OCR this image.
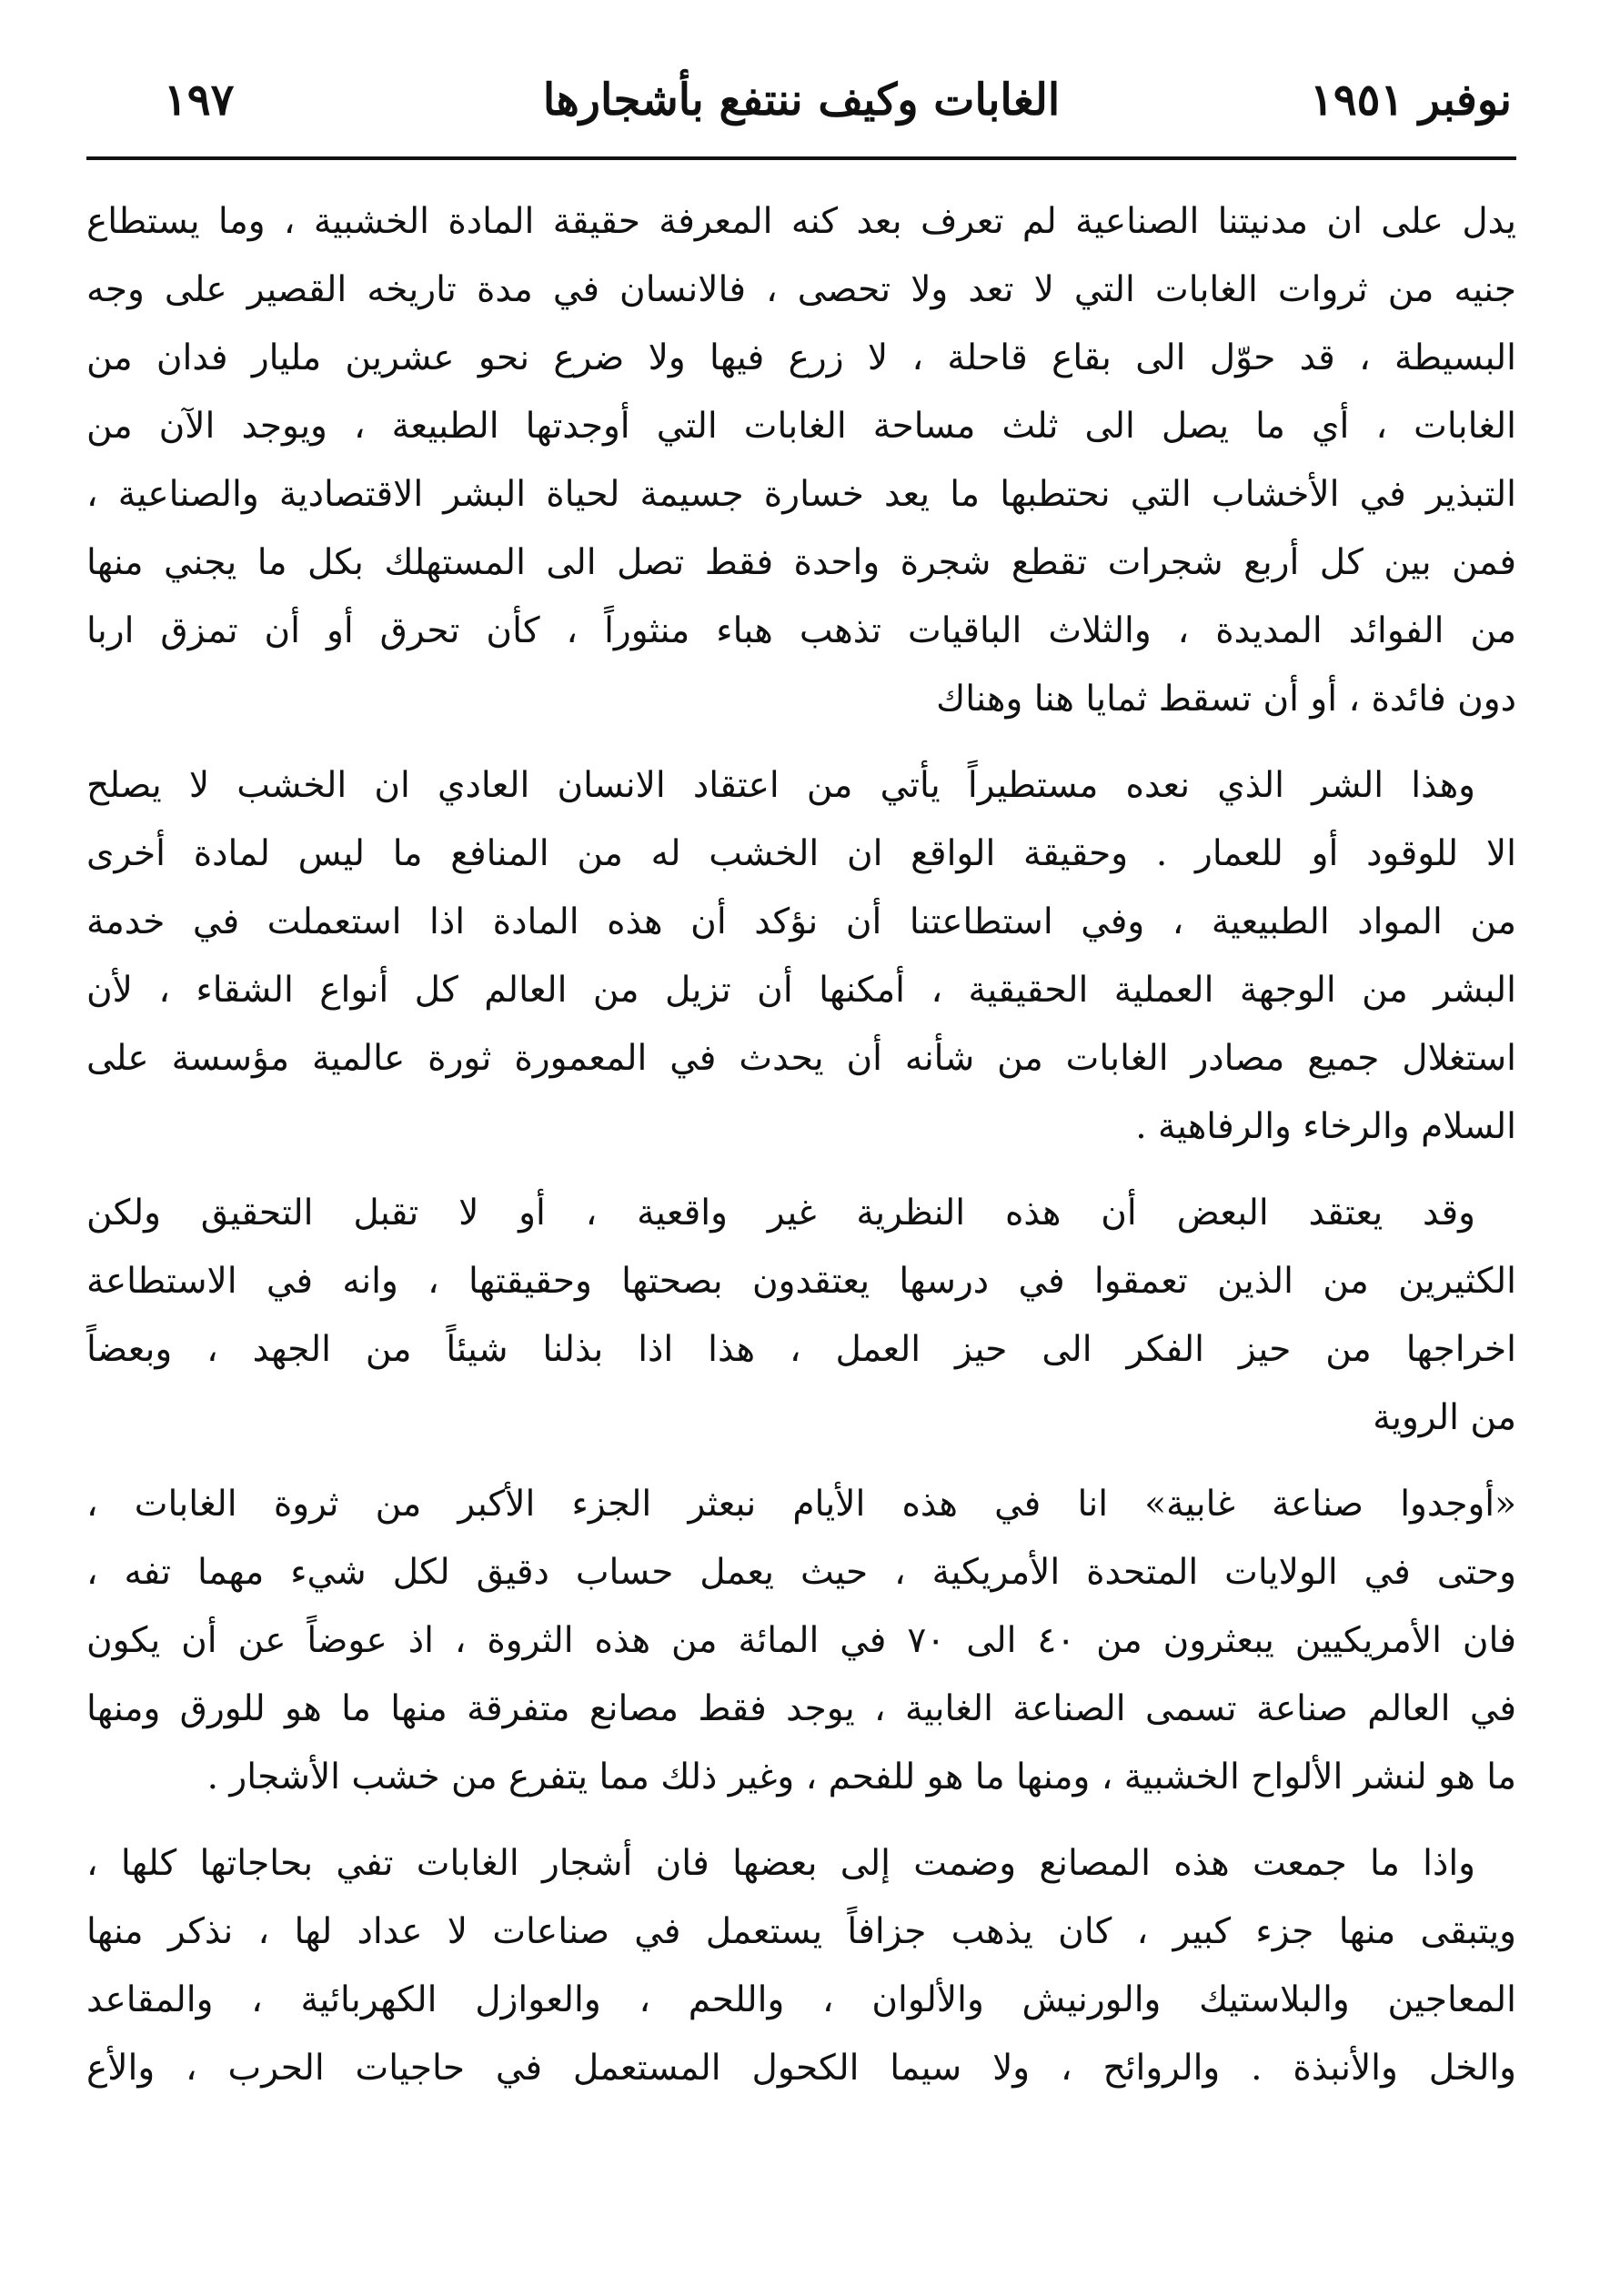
نوفبر ١٩٥١
الغابات وكيف ننتفع بأشجارها
١٩٧
يدل على ان مدنيتنا الصناعية لم تعرف بعد كنه المعرفة حقيقة المادة الخشبية ، وما يستطاع
جنيه من ثروات الغابات التي لا تعد ولا تحصى ، فالانسان في مدة تاريخه القصير على وجه
البسيطة ، قد حوّل الى بقاع قاحلة ، لا زرع فيها ولا ضرع نحو عشرين مليار فدان من
الغابات ، أي ما يصل الى ثلث مساحة الغابات التي أوجدتها الطبيعة ، ويوجد الآن من
التبذير في الأخشاب التي نحتطبها ما يعد خسارة جسيمة لحياة البشر الاقتصادية والصناعية ،
فمن بين كل أربع شجرات تقطع شجرة واحدة فقط تصل الى المستهلك بكل ما يجني منها
من الفوائد المديدة ، والثلاث الباقيات تذهب هباء منثوراً ، كأن تحرق أو أن تمزق اربا
دون فائدة ، أو أن تسقط ثمايا هنا وهناك
وهذا الشر الذي نعده مستطيراً يأتي من اعتقاد الانسان العادي ان الخشب لا يصلح
الا للوقود أو للعمار . وحقيقة الواقع ان الخشب له من المنافع ما ليس لمادة أخرى
من المواد الطبيعية ، وفي استطاعتنا أن نؤكد أن هذه المادة اذا استعملت في خدمة
البشر من الوجهة العملية الحقيقية ، أمكنها أن تزيل من العالم كل أنواع الشقاء ، لأن
استغلال جميع مصادر الغابات من شأنه أن يحدث في المعمورة ثورة عالمية مؤسسة على
السلام والرخاء والرفاهية .
وقد يعتقد البعض أن هذه النظرية غير واقعية ، أو لا تقبل التحقيق ولكن
الكثيرين من الذين تعمقوا في درسها يعتقدون بصحتها وحقيقتها ، وانه في الاستطاعة
اخراجها من حيز الفكر الى حيز العمل ، هذا اذا بذلنا شيئاً من الجهد ، وبعضاً
من الروية
«أوجدوا صناعة غابية» انا في هذه الأيام نبعثر الجزء الأكبر من ثروة الغابات ،
وحتى في الولايات المتحدة الأمريكية ، حيث يعمل حساب دقيق لكل شيء مهما تفه ،
فان الأمريكيين يبعثرون من ٤٠ الى ٧٠ في المائة من هذه الثروة ، اذ عوضاً عن أن يكون
في العالم صناعة تسمى الصناعة الغابية ، يوجد فقط مصانع متفرقة منها ما هو للورق ومنها
ما هو لنشر الألواح الخشبية ، ومنها ما هو للفحم ، وغير ذلك مما يتفرع من خشب الأشجار .
واذا ما جمعت هذه المصانع وضمت إلى بعضها فان أشجار الغابات تفي بحاجاتها كلها ،
ويتبقى منها جزء كبير ، كان يذهب جزافاً يستعمل في صناعات لا عداد لها ، نذكر منها
المعاجين والبلاستيك والورنيش والألوان ، واللحم ، والعوازل الكهربائية ، والمقاعد
والخل والأنبذة . والروائح ، ولا سيما الكحول المستعمل في حاجيات الحرب ، والأع
